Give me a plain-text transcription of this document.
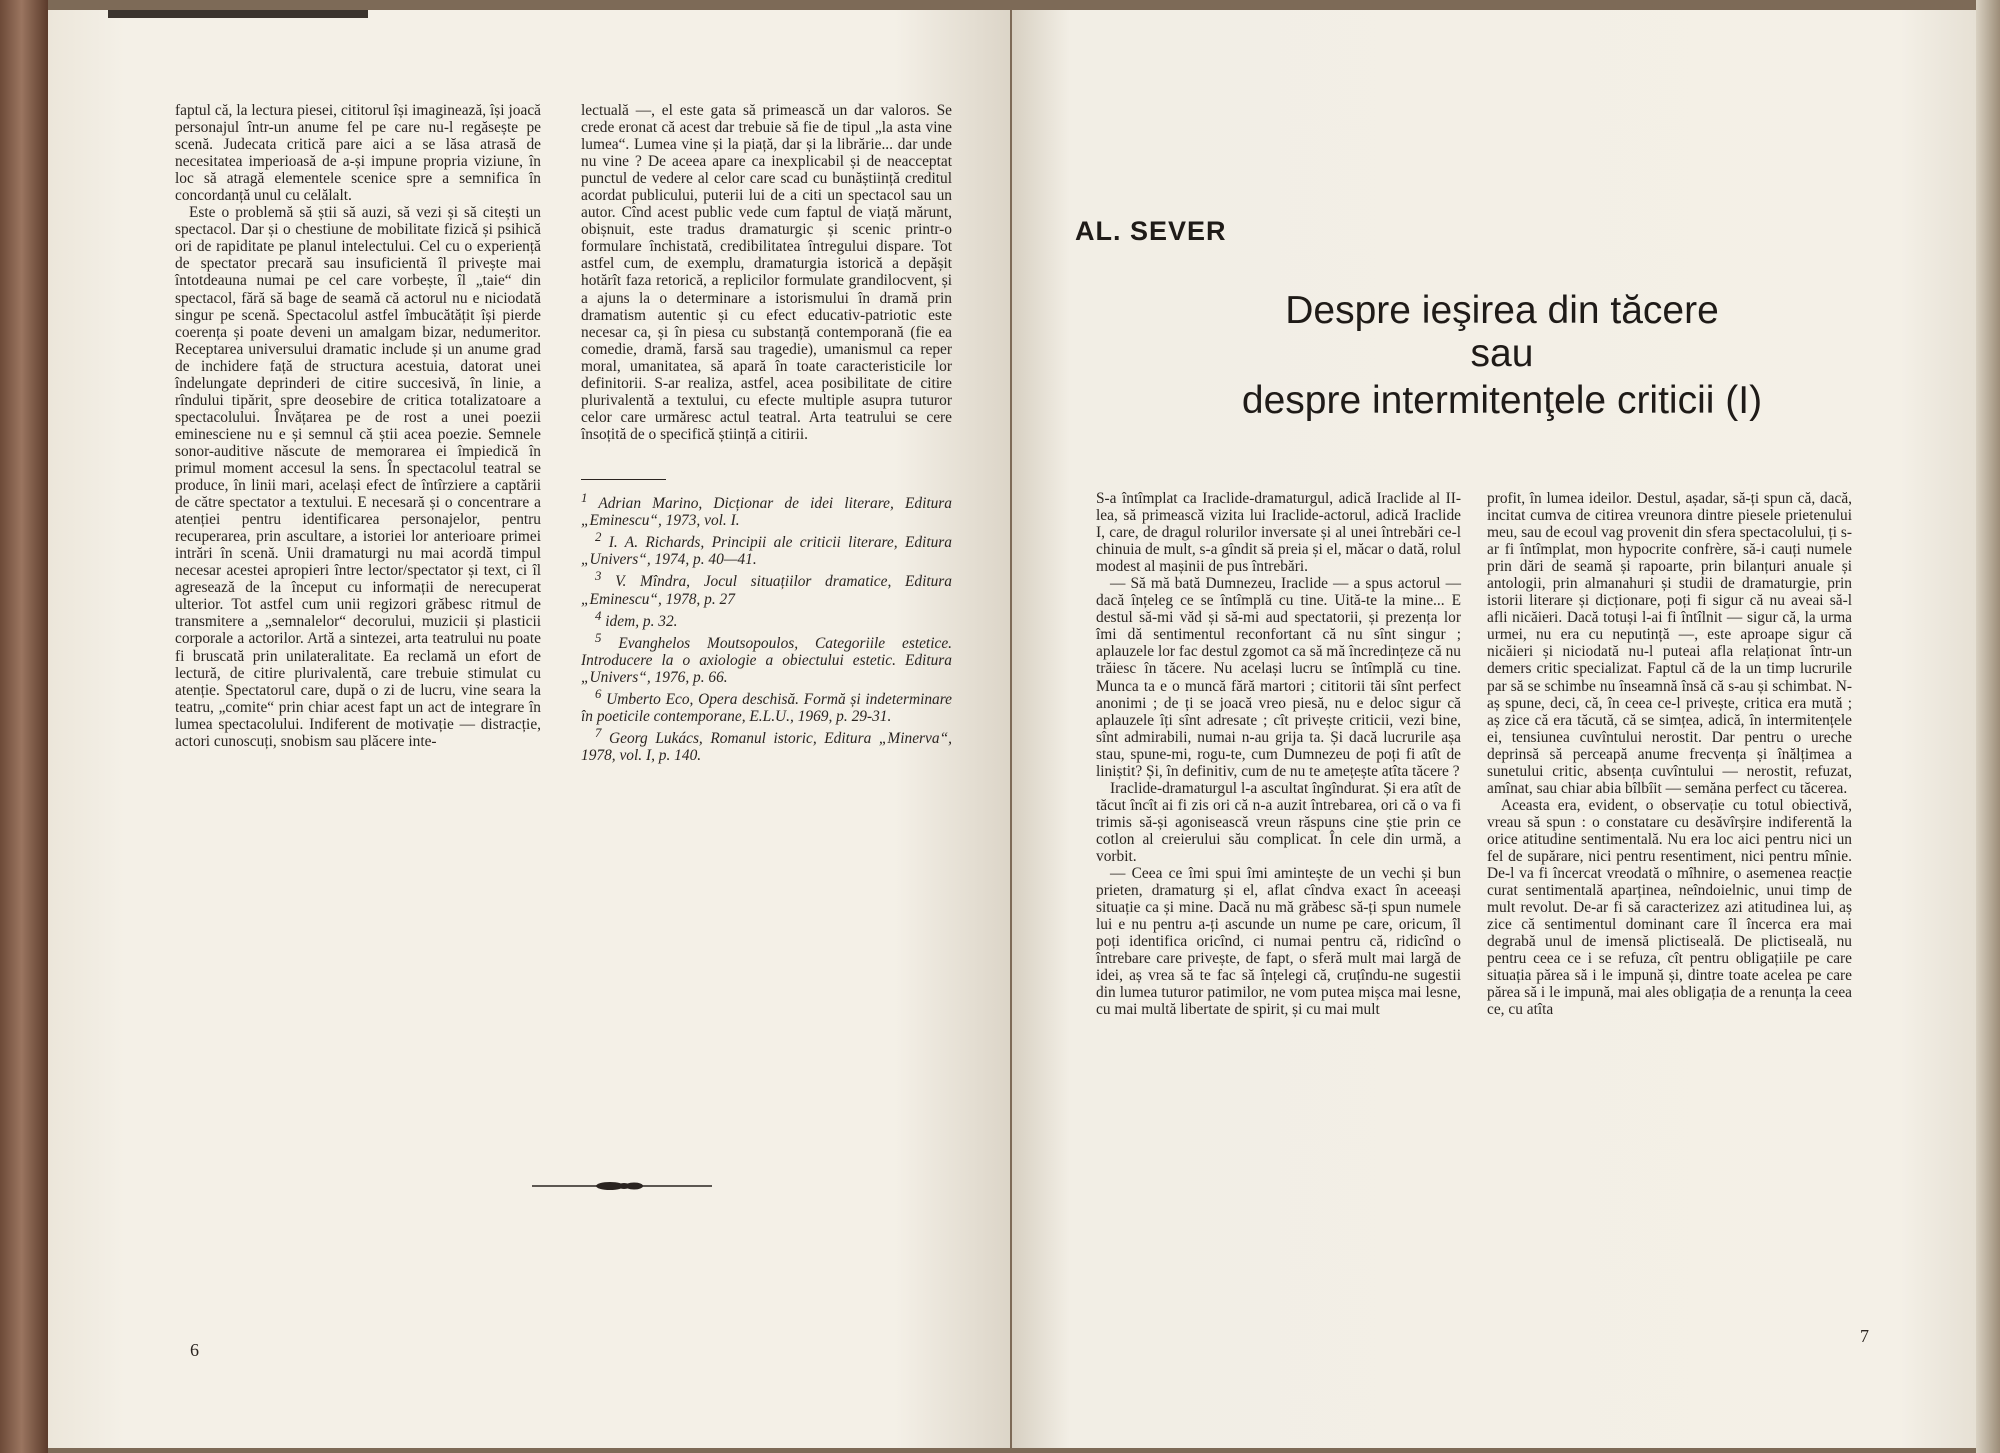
faptul că, la lectura piesei, cititorul își imaginează, își joacă personajul într-un anume fel pe care nu-l regăsește pe scenă. Judecata critică pare aici a se lăsa atrasă de necesitatea imperioasă de a-și impune propria viziune, în loc să atragă elementele scenice spre a semnifica în concordanță unul cu celălalt.

Este o problemă să știi să auzi, să vezi și să citești un spectacol. Dar și o chestiune de mobilitate fizică și psihică ori de rapiditate pe planul intelectului. Cel cu o experiență de spectator precară sau insuficientă îl privește mai întotdeauna numai pe cel care vorbește, îl „taie“ din spectacol, fără să bage de seamă că actorul nu e niciodată singur pe scenă. Spectacolul astfel îmbucătățit își pierde coerența și poate deveni un amalgam bizar, nedumeritor. Receptarea universului dramatic include și un anume grad de inchidere față de structura acestuia, datorat unei îndelungate deprinderi de citire succesivă, în linie, a rîndului tipărit, spre deosebire de critica totalizatoare a spectacolului. Învățarea pe de rost a unei poezii eminesciene nu e și semnul că știi acea poezie. Semnele sonor-auditive născute de memorarea ei împiedică în primul moment accesul la sens. În spectacolul teatral se produce, în linii mari, același efect de întîrziere a captării de către spectator a textului. E necesară și o concentrare a atenției pentru identificarea personajelor, pentru recuperarea, prin ascultare, a istoriei lor anterioare primei intrări în scenă. Unii dramaturgi nu mai acordă timpul necesar acestei apropieri între lector/spectator și text, ci îl agresează de la început cu informații de nerecuperat ulterior. Tot astfel cum unii regizori grăbesc ritmul de transmitere a „semnalelor“ decorului, muzicii și plasticii corporale a actorilor. Artă a sintezei, arta teatrului nu poate fi bruscată prin unilateralitate. Ea reclamă un efort de lectură, de citire plurivalentă, care trebuie stimulat cu atenție. Spectatorul care, după o zi de lucru, vine seara la teatru, „comite“ prin chiar acest fapt un act de integrare în lumea spectacolului. Indiferent de motivație — distracție, actori cunoscuți, snobism sau plăcere inte-

lectuală —, el este gata să primească un dar valoros. Se crede eronat că acest dar trebuie să fie de tipul „la asta vine lumea“. Lumea vine și la piață, dar și la librărie... dar unde nu vine ? De aceea apare ca inexplicabil și de neacceptat punctul de vedere al celor care scad cu bunăștiință creditul acordat publicului, puterii lui de a citi un spectacol sau un autor. Cînd acest public vede cum faptul de viață mărunt, obișnuit, este tradus dramaturgic și scenic printr-o formulare închistată, credibilitatea întregului dispare. Tot astfel cum, de exemplu, dramaturgia istorică a depășit hotărît faza retorică, a replicilor formulate grandilocvent, și a ajuns la o determinare a istorismului în dramă prin dramatism autentic și cu efect educativ-patriotic este necesar ca, și în piesa cu substanță contemporană (fie ea comedie, dramă, farsă sau tragedie), umanismul ca reper moral, umanitatea, să apară în toate caracteristicile lor definitorii. S-ar realiza, astfel, acea posibilitate de citire plurivalentă a textului, cu efecte multiple asupra tuturor celor care urmăresc actul teatral. Arta teatrului se cere însoțită de o specifică știință a citirii.

$^1$ Adrian Marino, Dicționar de idei literare, Editura „Eminescu“, 1973, vol. I.

$^2$ I. A. Richards, Principii ale criticii literare, Editura „Univers“, 1974, p. 40—41.

$^3$ V. Mîndra, Jocul situațiilor dramatice, Editura „Eminescu“, 1978, p. 27

$^4$ idem, p. 32.

$^5$ Evanghelos Moutsopoulos, Categoriile estetice. Introducere la o axiologie a obiectului estetic. Editura „Univers“, 1976, p. 66.

$^6$ Umberto Eco, Opera deschisă. Formă și indeterminare în poeticile contemporane, E.L.U., 1969, p. 29-31.

$^7$ Georg Lukács, Romanul istoric, Editura „Minerva“, 1978, vol. I, p. 140.

6
AL. SEVER
Despre ieşirea din tăcere
sau
despre intermitenţele criticii (I)

S-a întîmplat ca Iraclide-dramaturgul, adică Iraclide al II-lea, să primească vizita lui Iraclide-actorul, adică Iraclide I, care, de dragul rolurilor inversate și al unei întrebări ce-l chinuia de mult, s-a gîndit să preia și el, măcar o dată, rolul modest al mașinii de pus întrebări.

— Să mă bată Dumnezeu, Iraclide — a spus actorul — dacă înțeleg ce se întîmplă cu tine. Uită-te la mine... E destul să-mi văd și să-mi aud spectatorii, și prezența lor îmi dă sentimentul reconfortant că nu sînt singur ; aplauzele lor fac destul zgomot ca să mă încredințeze că nu trăiesc în tăcere. Nu același lucru se întîmplă cu tine. Munca ta e o muncă fără martori ; cititorii tăi sînt perfect anonimi ; de ți se joacă vreo piesă, nu e deloc sigur că aplauzele îți sînt adresate ; cît privește criticii, vezi bine, sînt admirabili, numai n-au grija ta. Și dacă lucrurile așa stau, spune-mi, rogu-te, cum Dumnezeu de poți fi atît de liniștit? Și, în definitiv, cum de nu te amețește atîta tăcere ?

Iraclide-dramaturgul l-a ascultat îngîndurat. Și era atît de tăcut încît ai fi zis ori că n-a auzit întrebarea, ori că o va fi trimis să-și agonisească vreun răspuns cine știe prin ce cotlon al creierului său complicat. În cele din urmă, a vorbit.

— Ceea ce îmi spui îmi amintește de un vechi și bun prieten, dramaturg și el, aflat cîndva exact în aceeași situație ca și mine. Dacă nu mă grăbesc să-ți spun numele lui e nu pentru a-ți ascunde un nume pe care, oricum, îl poți identifica oricînd, ci numai pentru că, ridicînd o întrebare care privește, de fapt, o sferă mult mai largă de idei, aș vrea să te fac să înțelegi că, cruțîndu-ne sugestii din lumea tuturor patimilor, ne vom putea mișca mai lesne, cu mai multă libertate de spirit, și cu mai mult

profit, în lumea ideilor. Destul, așadar, să-ți spun că, dacă, incitat cumva de citirea vreunora dintre piesele prietenului meu, sau de ecoul vag provenit din sfera spectacolului, ți s-ar fi întîmplat, mon hypocrite confrère, să-i cauți numele prin dări de seamă și rapoarte, prin bilanțuri anuale și antologii, prin almanahuri și studii de dramaturgie, prin istorii literare și dicționare, poți fi sigur că nu aveai să-l afli nicăieri. Dacă totuși l-ai fi întîlnit — sigur că, la urma urmei, nu era cu neputință —, este aproape sigur că nicăieri și niciodată nu-l puteai afla relaționat într-un demers critic specializat. Faptul că de la un timp lucrurile par să se schimbe nu înseamnă însă că s-au și schimbat. N-aș spune, deci, că, în ceea ce-l privește, critica era mută ; aș zice că era tăcută, că se simțea, adică, în intermitențele ei, tensiunea cuvîntului nerostit. Dar pentru o ureche deprinsă să perceapă anume frecvența și înălțimea a sunetului critic, absența cuvîntului — nerostit, refuzat, amînat, sau chiar abia bîlbîit — semăna perfect cu tăcerea.

Aceasta era, evident, o observație cu totul obiectivă, vreau să spun : o constatare cu desăvîrșire indiferentă la orice atitudine sentimentală. Nu era loc aici pentru nici un fel de supărare, nici pentru resentiment, nici pentru mînie. De-l va fi încercat vreodată o mîhnire, o asemenea reacție curat sentimentală aparținea, neîndoielnic, unui timp de mult revolut. De-ar fi să caracterizez azi atitudinea lui, aș zice că sentimentul dominant care îl încerca era mai degrabă unul de imensă plictiseală. De plictiseală, nu pentru ceea ce i se refuza, cît pentru obligațiile pe care situația părea să i le impună și, dintre toate acelea pe care părea să i le impună, mai ales obligația de a renunța la ceea ce, cu atîta

7
